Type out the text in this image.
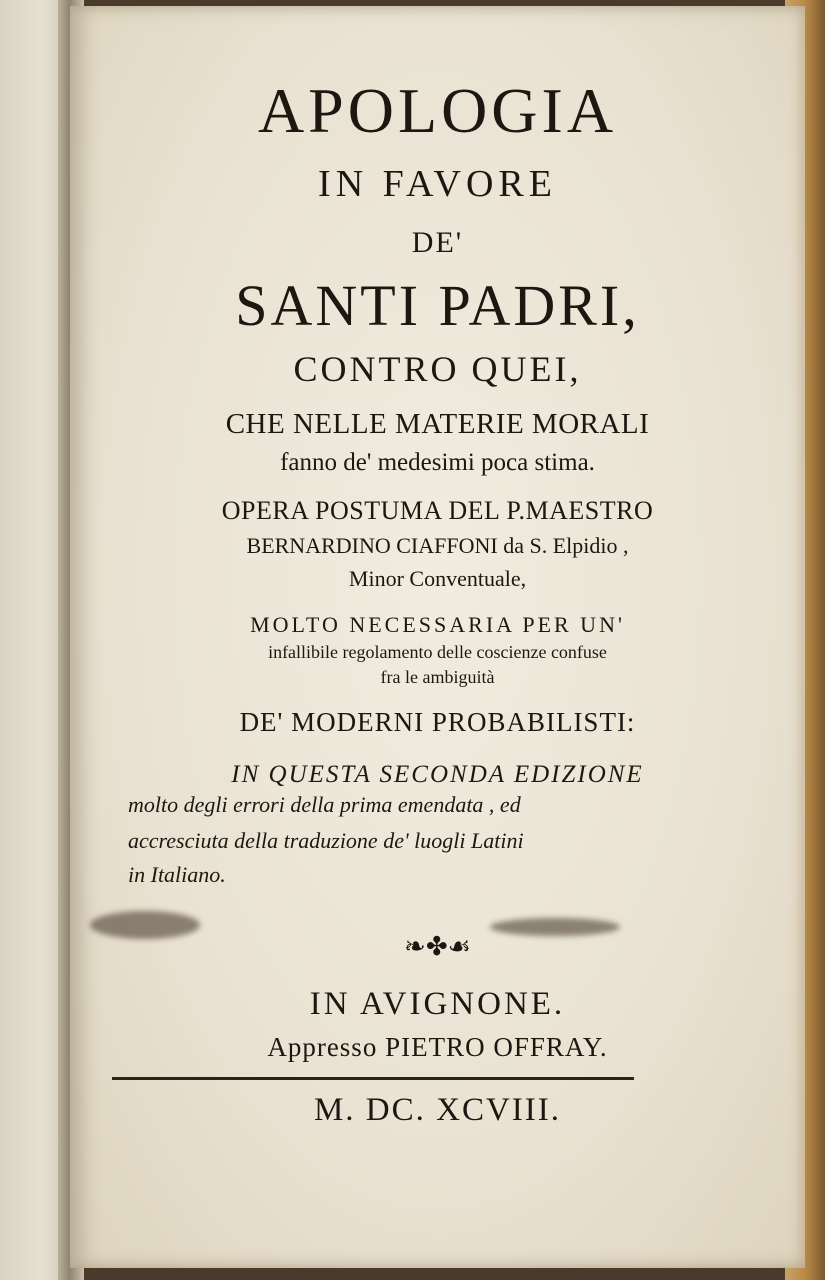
APOLOGIA

IN FAVORE

DE'

SANTI PADRI,

CONTRO QUEI,

CHE NELLE MATERIE MORALI

fanno de' medesimi poca stima.

OPERA POSTUMA DEL P.MAESTRO

BERNARDINO CIAFFONI da S. Elpidio ,

Minor Conventuale,

MOLTO NECESSARIA PER UN'

infallibile regolamento delle coscienze confuse

fra le ambiguità

DE' MODERNI PROBABILISTI:

IN QUESTA SECONDA EDIZIONE

molto degli errori della prima emendata , ed

accresciuta della traduzione de' luogli Latini

in Italiano.

❧✤☙

IN AVIGNONE.

Appresso PIETRO OFFRAY.

M. DC. XCVIII.
